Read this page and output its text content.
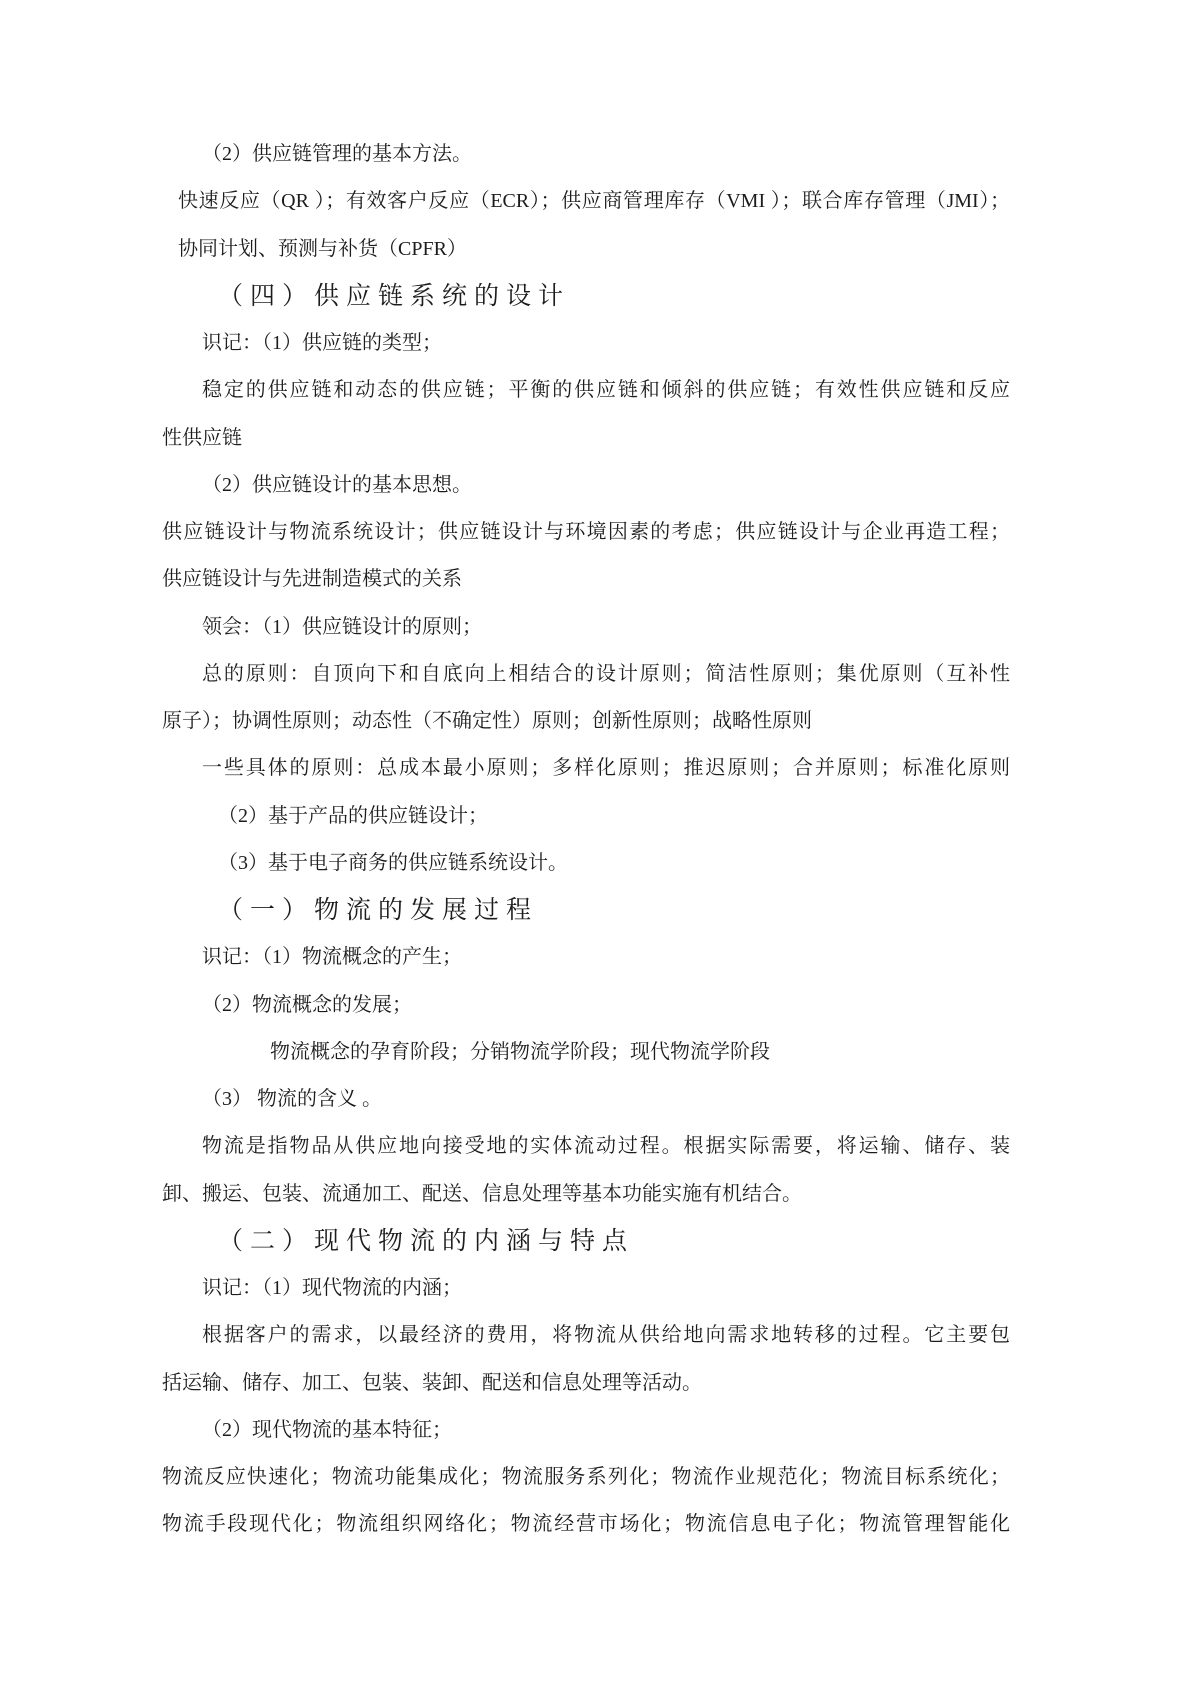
（2）供应链管理的基本方法。
快速反应（QR ）；有效客户反应（ECR）；供应商管理库存（VMI ）；联合库存管理（JMI）；
协同计划、预测与补货（CPFR）
（四）供应链系统的设计
识记：（1）供应链的类型；
稳定的供应链和动态的供应链；平衡的供应链和倾斜的供应链；有效性供应链和反应
性供应链
（2）供应链设计的基本思想。
供应链设计与物流系统设计；供应链设计与环境因素的考虑；供应链设计与企业再造工程；
供应链设计与先进制造模式的关系
领会：（1）供应链设计的原则；
总的原则：自顶向下和自底向上相结合的设计原则；简洁性原则；集优原则（互补性
原子）；协调性原则；动态性（不确定性）原则；创新性原则；战略性原则
一些具体的原则：总成本最小原则；多样化原则；推迟原则；合并原则；标准化原则
（2）基于产品的供应链设计；
（3）基于电子商务的供应链系统设计。
（一）物流的发展过程
识记：（1）物流概念的产生；
（2）物流概念的发展；
物流概念的孕育阶段；分销物流学阶段；现代物流学阶段
（3） 物流的含义 。
物流是指物品从供应地向接受地的实体流动过程。根据实际需要，将运输、储存、装
卸、搬运、包装、流通加工、配送、信息处理等基本功能实施有机结合。
（二）现代物流的内涵与特点
识记：（1）现代物流的内涵；
根据客户的需求，以最经济的费用，将物流从供给地向需求地转移的过程。它主要包
括运输、储存、加工、包装、装卸、配送和信息处理等活动。
（2）现代物流的基本特征；
物流反应快速化；物流功能集成化；物流服务系列化；物流作业规范化；物流目标系统化；
物流手段现代化；物流组织网络化；物流经营市场化；物流信息电子化；物流管理智能化
